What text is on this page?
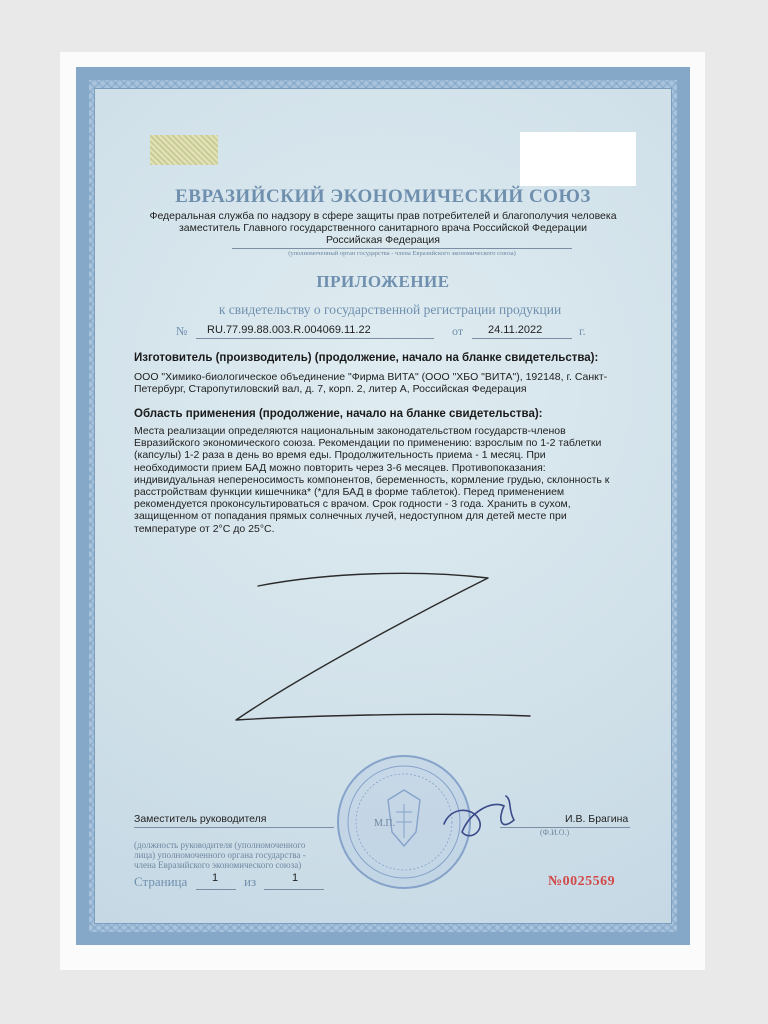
ЕВРАЗИЙСКИЙ ЭКОНОМИЧЕСКИЙ СОЮЗ
Федеральная служба по надзору в сфере защиты прав потребителей и благополучия человека
заместитель Главного государственного санитарного врача Российской Федерации
Российская Федерация
(уполномоченный орган государства - члена Евразийского экономического союза)
ПРИЛОЖЕНИЕ
к свидетельству о государственной регистрации продукции
№ RU.77.99.88.003.R.004069.11.22	от 24.11.2022	г.
Изготовитель (производитель) (продолжение, начало на бланке свидетельства):
ООО "Химико-биологическое объединение "Фирма ВИТА" (ООО "ХБО "ВИТА"), 192148, г. Санкт-
Петербург, Старопутиловский вал, д. 7, корп. 2, литер А, Российская Федерация
Область применения (продолжение, начало на бланке свидетельства):
Места реализации определяются национальным законодательством государств-членов
Евразийского экономического союза. Рекомендации по применению: взрослым по 1-2 таблетки
(капсулы) 1-2 раза в день во время еды. Продолжительность приема - 1 месяц. При
необходимости прием БАД можно повторить через 3-6 месяцев. Противопоказания:
индивидуальная непереносимость компонентов, беременность, кормление грудью, склонность к
расстройствам функции кишечника* (*для БАД в форме таблеток). Перед применением
рекомендуется проконсультироваться с врачом. Срок годности - 3 года. Хранить в сухом,
защищенном от попадания прямых солнечных лучей, недоступном для детей месте при
температуре от 2°С до 25°С.
Заместитель руководителя	И.В. Брагина
(Ф.И.О.)
(должность руководителя (уполномоченного
лица) уполномоченного органа государства -
члена Евразийского экономического союза)
М.П.
Страница 1 из	1	№0025569
